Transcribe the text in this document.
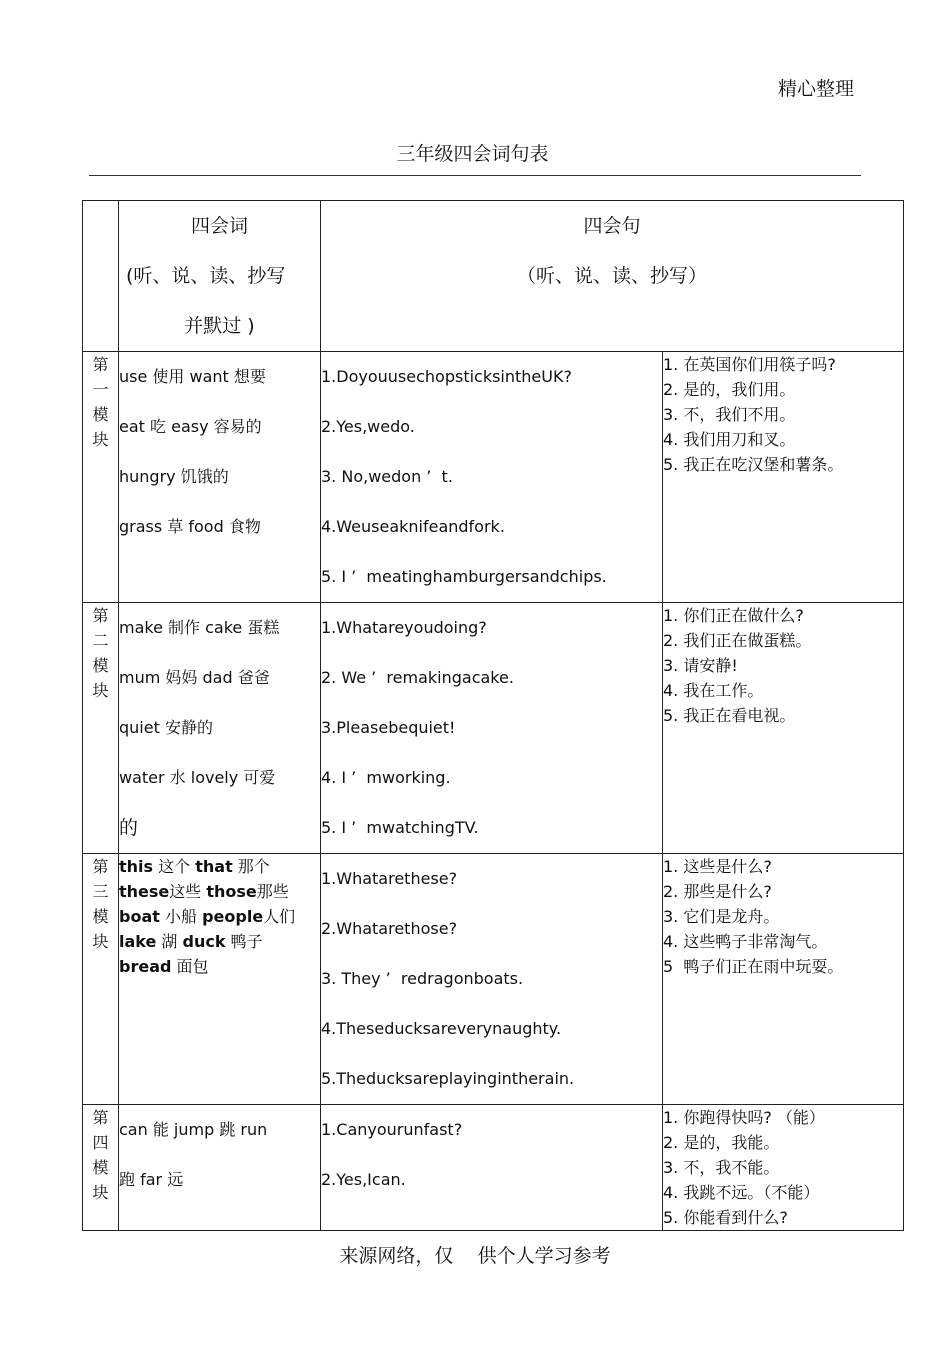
精心整理
三年级四会词句表

	四会词
(听、说、读、抄写
并默过 )	四会句
（听、说、读、抄写）	

第
一
模
块	use 使用 want 想要
eat 吃 easy 容易的
hungry 饥饿的
grass 草 food 食物	1.DoyouusechopsticksintheUK?
2.Yes,wedo.
3. No,wedon ’  t.
4.Weuseaknifeandfork.
5. I ’  meatinghamburgersandchips.	1. 在英国你们用筷子吗?
2. 是的，我们用。
3. 不，我们不用。
4. 我们用刀和叉。
5. 我正在吃汉堡和薯条。

第
二
模
块	make 制作 cake 蛋糕
mum 妈妈 dad 爸爸
quiet 安静的
water 水 lovely 可爱
的	1.Whatareyoudoing?
2. We ’  remakingacake.
3.Pleasebequiet!
4. I ’  mworking.
5. I ’  mwatchingTV.	1. 你们正在做什么?
2. 我们正在做蛋糕。
3. 请安静!
4. 我在工作。
5. 我正在看电视。

第
三
模
块	this 这个 that 那个
these这些 those那些
boat 小船 people人们
lake 湖 duck 鸭子
bread 面包	1.Whatarethese?
2.Whatarethose?
3. They ’  redragonboats.
4.Theseducksareverynaughty.
5.Theducksareplayingintherain.	1. 这些是什么?
2. 那些是什么?
3. 它们是龙舟。
4. 这些鸭子非常淘气。
5  鸭子们正在雨中玩耍。

第
四
模
块	can 能 jump 跳 run
跑 far 远	1.Canyourunfast?
2.Yes,Ican.	1. 你跑得快吗? （能）
2. 是的，我能。
3. 不，我不能。
4. 我跳不远。（不能）
5. 你能看到什么?
来源网络，仅    供个人学习参考
